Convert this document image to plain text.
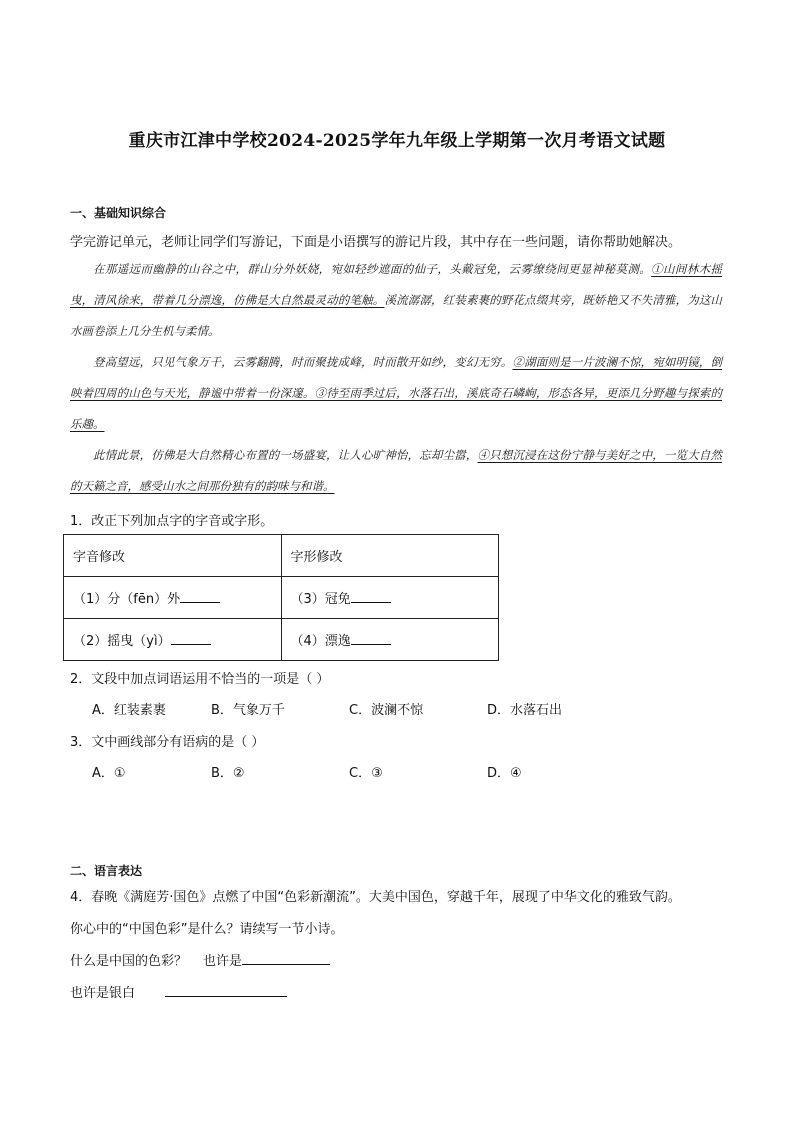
重庆市江津中学校2024-2025学年九年级上学期第一次月考语文试题
一、基础知识综合
学完游记单元，老师让同学们写游记，下面是小语撰写的游记片段，其中存在一些问题，请你帮助她解决。

在那遥远而幽静的山谷之中，群山分外妖娆，宛如轻纱遮面的仙子，头戴冠免，云雾缭绕间更显神秘莫测。①山间林木摇曳，清风徐来，带着几分漂逸，仿佛是大自然最灵动的笔触。溪流潺潺，红装素裹的野花点缀其旁，既娇艳又不失清雅，为这山水画卷添上几分生机与柔情。

登高望远，只见气象万千，云雾翻腾，时而聚拢成峰，时而散开如纱，变幻无穷。②湖面则是一片波澜不惊，宛如明镜，倒映着四周的山色与天光，静谧中带着一份深邃。③待至雨季过后，水落石出，溪底奇石嶙峋，形态各异，更添几分野趣与探索的乐趣。

此情此景，仿佛是大自然精心布置的一场盛宴，让人心旷神怡，忘却尘嚣，④只想沉浸在这份宁静与美好之中，一览大自然的天籁之音，感受山水之间那份独有的韵味与和谐。

1．改正下列加点字的字音或字形。
字音修改	字形修改
（1）分（fēn）外	（3）冠免
（2）摇曳（yì）	（4）漂逸
2．文段中加点词语运用不恰当的一项是（ ）
A．红装素裹	B．气象万千	C．波澜不惊	D．水落石出
3．文中画线部分有语病的是（ ）
A．①	B．②	C．③	D．④
二、语言表达
4．春晚《满庭芳·国色》点燃了中国“色彩新潮流”。大美中国色，穿越千年，展现了中华文化的雅致气韵。
你心中的“中国色彩”是什么？请续写一节小诗。
什么是中国的色彩？ 也许是
也许是银白
